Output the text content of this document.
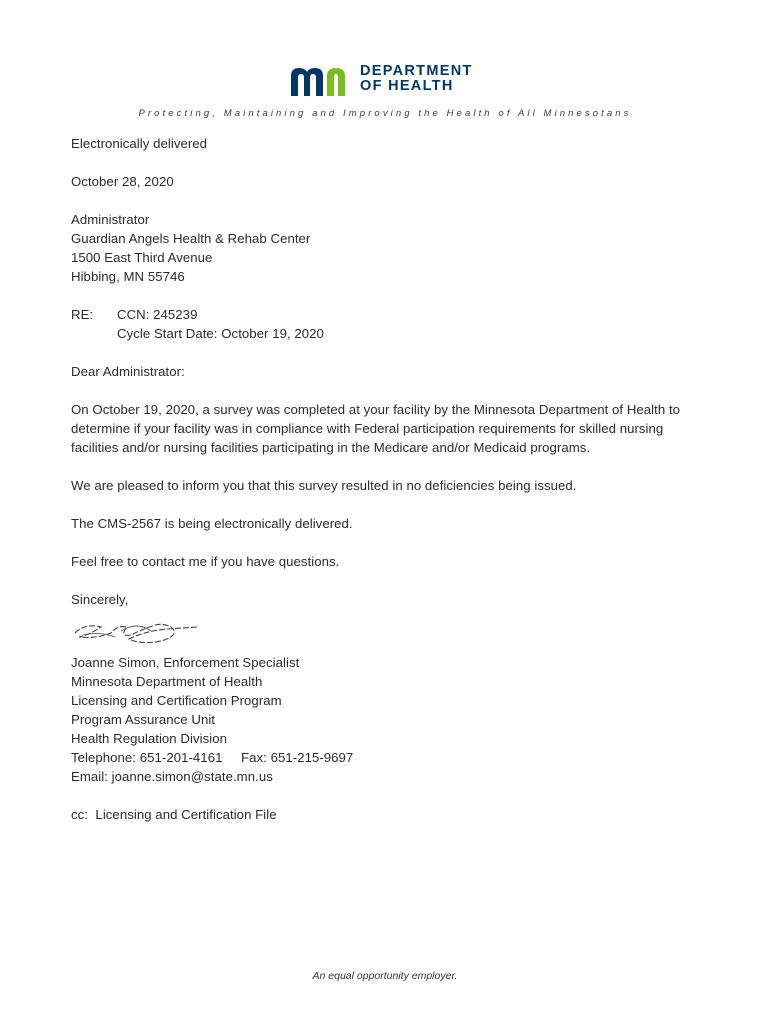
DEPARTMENT
OF HEALTH
Protecting, Maintaining and Improving the Health of All Minnesotans

Electronically delivered

October 28, 2020

Administrator

Guardian Angels Health & Rehab Center

1500 East Third Avenue

Hibbing, MN 55746

RE:	CCN: 245239

Cycle Start Date: October 19, 2020

Dear Administrator:

On October 19, 2020, a survey was completed at your facility by the Minnesota Department of Health to determine if your facility was in compliance with Federal participation requirements for skilled nursing facilities and/or nursing facilities participating in the Medicare and/or Medicaid programs.

We are pleased to inform you that this survey resulted in no deficiencies being issued.

The CMS-2567 is being electronically delivered.

Feel free to contact me if you have questions.

Sincerely,

Joanne Simon, Enforcement Specialist

Minnesota Department of Health

Licensing and Certification Program

Program Assurance Unit

Health Regulation Division

Telephone: 651-201-4161     Fax: 651-215-9697

Email: joanne.simon@state.mn.us

cc:  Licensing and Certification File

An equal opportunity employer.
